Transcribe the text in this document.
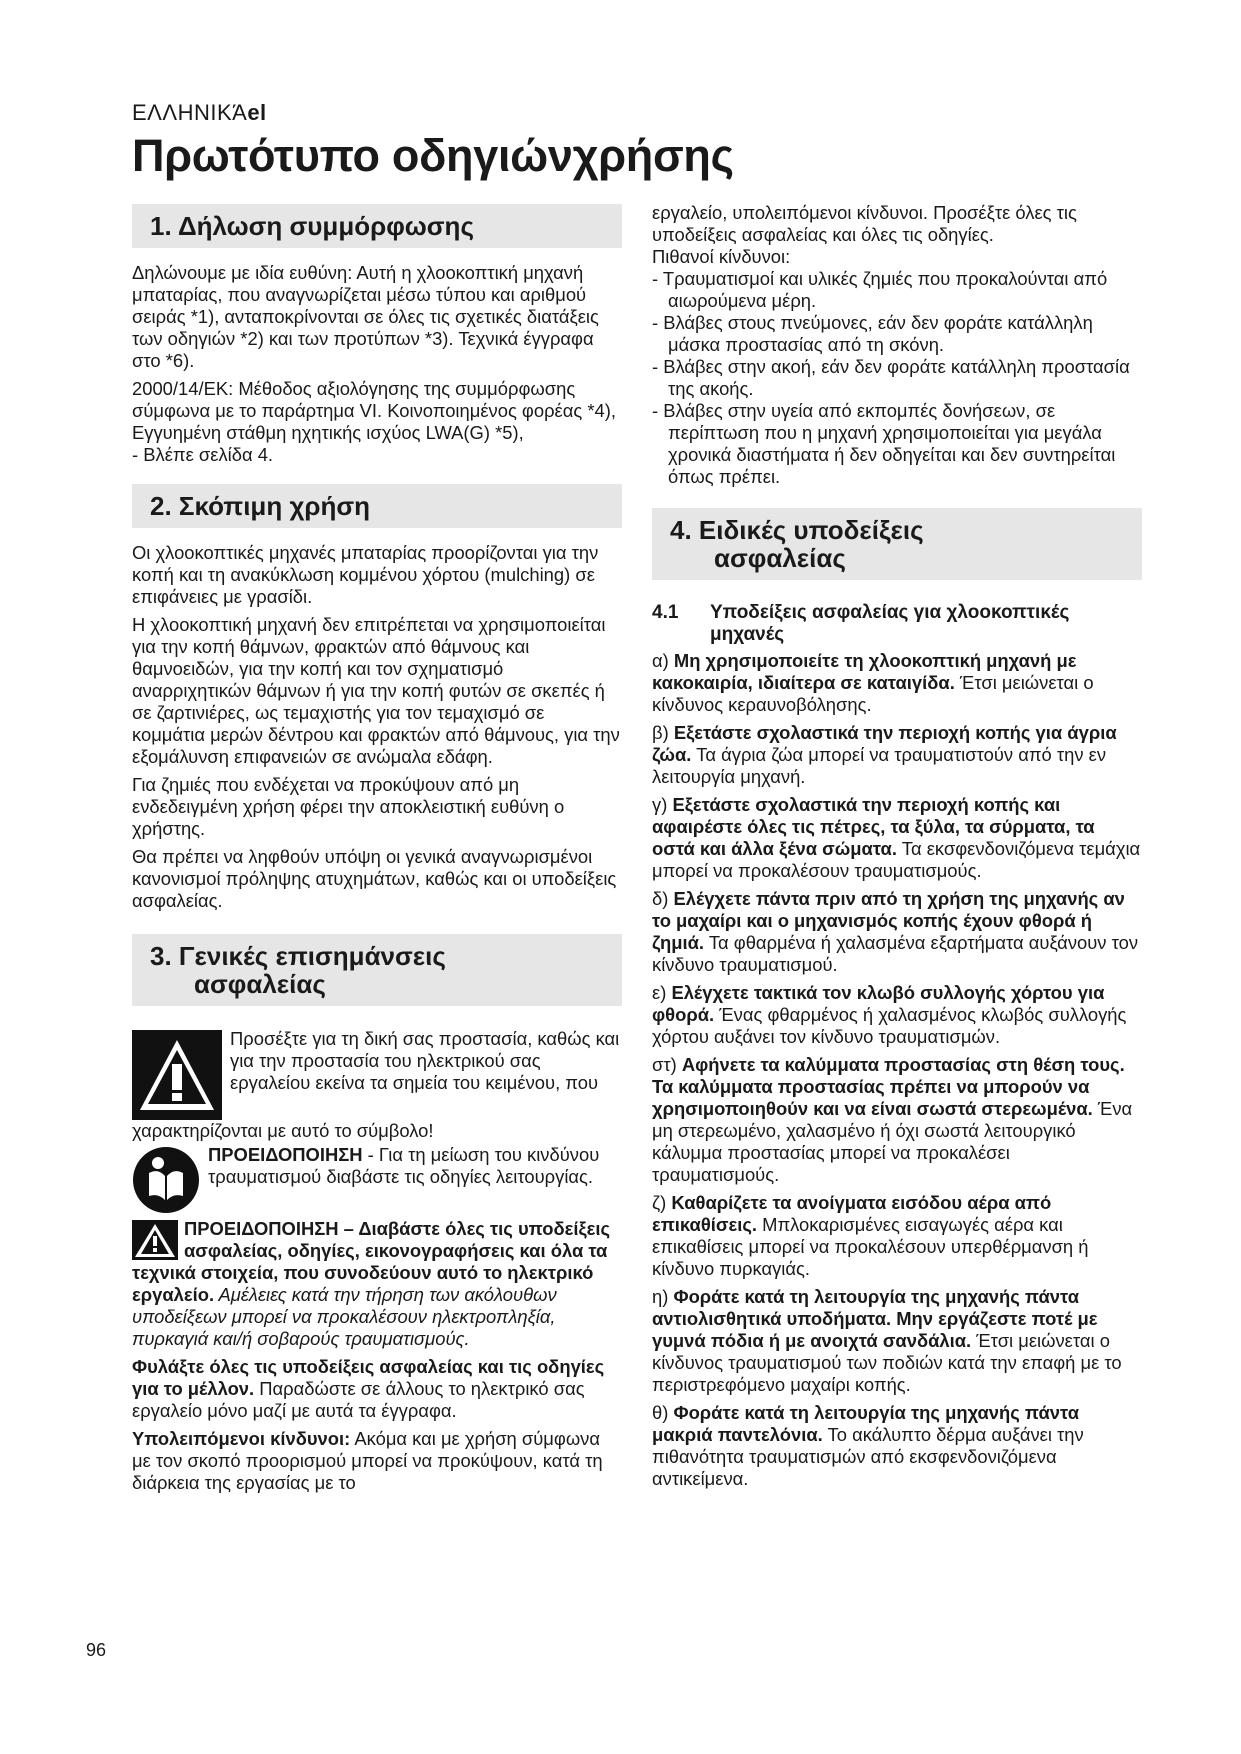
ΕΛΛΗΝΙΚΆel
Πρωτότυπο οδηγιώνχρήσης
1. Δήλωση συμμόρφωσης

Δηλώνουμε με ιδία ευθύνη: Αυτή η χλοοκοπτική μηχανή μπαταρίας, που αναγνωρίζεται μέσω τύπου και αριθμού σειράς *1), ανταποκρίνονται σε όλες τις σχετικές διατάξεις των οδηγιών *2) και των προτύπων *3). Τεχνικά έγγραφα στο *6).

2000/14/ΕΚ: Μέθοδος αξιολόγησης της συμμόρφωσης σύμφωνα με το παράρτημα VI. Κοινοποιημένος φορέας *4), Εγγυημένη στάθμη ηχητικής ισχύος LWA(G) *5),

- Βλέπε σελίδα 4.

2. Σκόπιμη χρήση

Οι χλοοκοπτικές μηχανές μπαταρίας προορίζονται για την κοπή και τη ανακύκλωση κομμένου χόρτου (mulching) σε επιφάνειες με γρασίδι.

Η χλοοκοπτική μηχανή δεν επιτρέπεται να χρησιμοποιείται για την κοπή θάμνων, φρακτών από θάμνους και θαμνοειδών, για την κοπή και τον σχηματισμό αναρριχητικών θάμνων ή για την κοπή φυτών σε σκεπές ή σε ζαρτινιέρες, ως τεμαχιστής για τον τεμαχισμό σε κομμάτια μερών δέντρου και φρακτών από θάμνους, για την εξομάλυνση επιφανειών σε ανώμαλα εδάφη.

Για ζημιές που ενδέχεται να προκύψουν από μη ενδεδειγμένη χρήση φέρει την αποκλειστική ευθύνη ο χρήστης.

Θα πρέπει να ληφθούν υπόψη οι γενικά αναγνωρισμένοι κανονισμοί πρόληψης ατυχημάτων, καθώς και οι υποδείξεις ασφαλείας.

3. Γενικές επισημάνσεις
ασφαλείας
Προσέξτε για τη δική σας προστασία, καθώς και για την προστασία του ηλεκτρικού σας εργαλείου εκείνα τα σημεία του κειμένου, που

χαρακτηρίζονται με αυτό το σύμβολο!

ΠΡΟΕΙΔΟΠΟΙΗΣΗ - Για τη μείωση του κινδύνου τραυματισμού διαβάστε τις οδηγίες λειτουργίας.

ΠΡΟΕΙΔΟΠΟΙΗΣΗ – Διαβάστε όλες τις υποδείξεις ασφαλείας, οδηγίες, εικονογραφήσεις και όλα τα τεχνικά στοιχεία, που συνοδεύουν αυτό το ηλεκτρικό εργαλείο. Αμέλειες κατά την τήρηση των ακόλουθων υποδείξεων μπορεί να προκαλέσουν ηλεκτροπληξία, πυρκαγιά και/ή σοβαρούς τραυματισμούς.

Φυλάξτε όλες τις υποδείξεις ασφαλείας και τις οδηγίες για το μέλλον. Παραδώστε σε άλλους το ηλεκτρικό σας εργαλείο μόνο μαζί με αυτά τα έγγραφα.

Υπολειπόμενοι κίνδυνοι: Ακόμα και με χρήση σύμφωνα με τον σκοπό προορισμού μπορεί να προκύψουν, κατά τη διάρκεια της εργασίας με το

εργαλείο, υπολειπόμενοι κίνδυνοι. Προσέξτε όλες τις υποδείξεις ασφαλείας και όλες τις οδηγίες.

Πιθανοί κίνδυνοι:

- Τραυματισμοί και υλικές ζημιές που προκαλούνται από αιωρούμενα μέρη.

- Βλάβες στους πνεύμονες, εάν δεν φοράτε κατάλληλη μάσκα προστασίας από τη σκόνη.

- Βλάβες στην ακοή, εάν δεν φοράτε κατάλληλη προστασία της ακοής.

- Βλάβες στην υγεία από εκπομπές δονήσεων, σε περίπτωση που η μηχανή χρησιμοποιείται για μεγάλα χρονικά διαστήματα ή δεν οδηγείται και δεν συντηρείται όπως πρέπει.

4. Ειδικές υποδείξεις
ασφαλείας
4.1	Υποδείξεις ασφαλείας για χλοοκοπτικές μηχανές

α) Μη χρησιμοποιείτε τη χλοοκοπτική μηχανή με κακοκαιρία, ιδιαίτερα σε καταιγίδα. Έτσι μειώνεται ο κίνδυνος κεραυνοβόλησης.

β) Εξετάστε σχολαστικά την περιοχή κοπής για άγρια ζώα. Τα άγρια ζώα μπορεί να τραυματιστούν από την εν λειτουργία μηχανή.

γ) Εξετάστε σχολαστικά την περιοχή κοπής και αφαιρέστε όλες τις πέτρες, τα ξύλα, τα σύρματα, τα οστά και άλλα ξένα σώματα. Τα εκσφενδονιζόμενα τεμάχια μπορεί να προκαλέσουν τραυματισμούς.

δ) Ελέγχετε πάντα πριν από τη χρήση της μηχανής αν το μαχαίρι και ο μηχανισμός κοπής έχουν φθορά ή ζημιά. Τα φθαρμένα ή χαλασμένα εξαρτήματα αυξάνουν τον κίνδυνο τραυματισμού.

ε) Ελέγχετε τακτικά τον κλωβό συλλογής χόρτου για φθορά. Ένας φθαρμένος ή χαλασμένος κλωβός συλλογής χόρτου αυξάνει τον κίνδυνο τραυματισμών.

στ) Αφήνετε τα καλύμματα προστασίας στη θέση τους. Τα καλύμματα προστασίας πρέπει να μπορούν να χρησιμοποιηθούν και να είναι σωστά στερεωμένα. Ένα μη στερεωμένο, χαλασμένο ή όχι σωστά λειτουργικό κάλυμμα προστασίας μπορεί να προκαλέσει τραυματισμούς.

ζ) Καθαρίζετε τα ανοίγματα εισόδου αέρα από επικαθίσεις. Μπλοκαρισμένες εισαγωγές αέρα και επικαθίσεις μπορεί να προκαλέσουν υπερθέρμανση ή κίνδυνο πυρκαγιάς.

η) Φοράτε κατά τη λειτουργία της μηχανής πάντα αντιολισθητικά υποδήματα. Μην εργάζεστε ποτέ με γυμνά πόδια ή με ανοιχτά σανδάλια. Έτσι μειώνεται ο κίνδυνος τραυματισμού των ποδιών κατά την επαφή με το περιστρεφόμενο μαχαίρι κοπής.

θ) Φοράτε κατά τη λειτουργία της μηχανής πάντα μακριά παντελόνια. Το ακάλυπτο δέρμα αυξάνει την πιθανότητα τραυματισμών από εκσφενδονιζόμενα αντικείμενα.

96
